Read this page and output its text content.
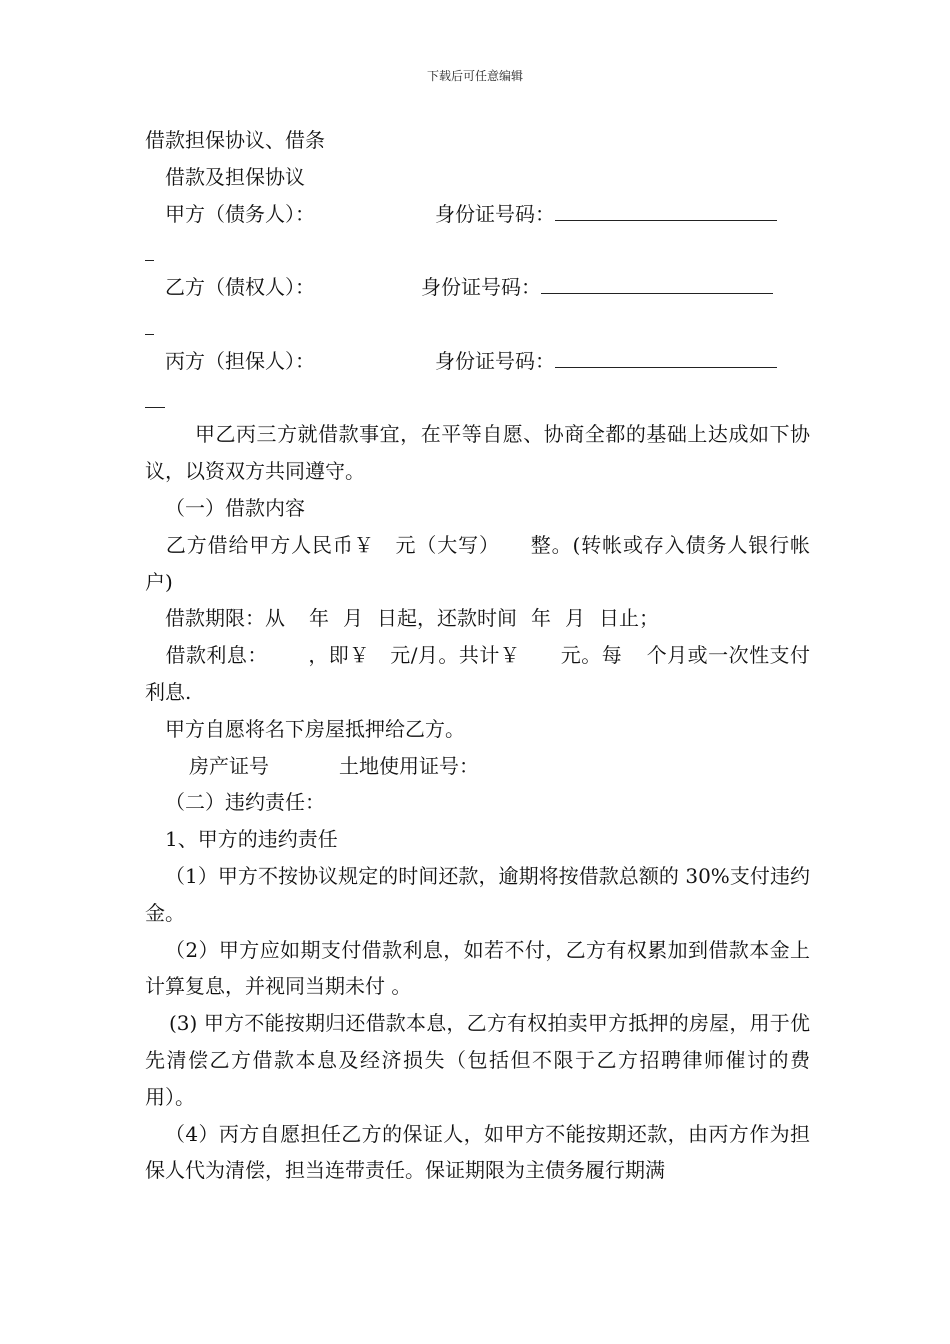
下载后可任意编辑
借款担保协议、借条
借款及担保协议
甲方（债务人）：	身份证号码：
乙方（债权人）：	身份证号码：
丙方（担保人）：	身份证号码：
甲乙丙三方就借款事宜，在平等自愿、协商全都的基础上达成如下协议，以资双方共同遵守。
（一）借款内容
乙方借给甲方人民币￥ 元（大写） 整。(转帐或存入债务人银行帐户)
借款期限：从 年 月 日起，还款时间 年 月 日止；
借款利息： ，即￥ 元/月。共计￥ 元。每 个月或一次性支付利息.
甲方自愿将名下房屋抵押给乙方。
房产证号	土地使用证号：
（二）违约责任：
1、甲方的违约责任
（1）甲方不按协议规定的时间还款，逾期将按借款总额的 30%支付违约金。
（2）甲方应如期支付借款利息，如若不付，乙方有权累加到借款本金上计算复息，并视同当期未付 。
(3) 甲方不能按期归还借款本息，乙方有权拍卖甲方抵押的房屋，用于优先清偿乙方借款本息及经济损失（包括但不限于乙方招聘律师催讨的费用）。
（4）丙方自愿担任乙方的保证人，如甲方不能按期还款，由丙方作为担保人代为清偿，担当连带责任。保证期限为主债务履行期满
